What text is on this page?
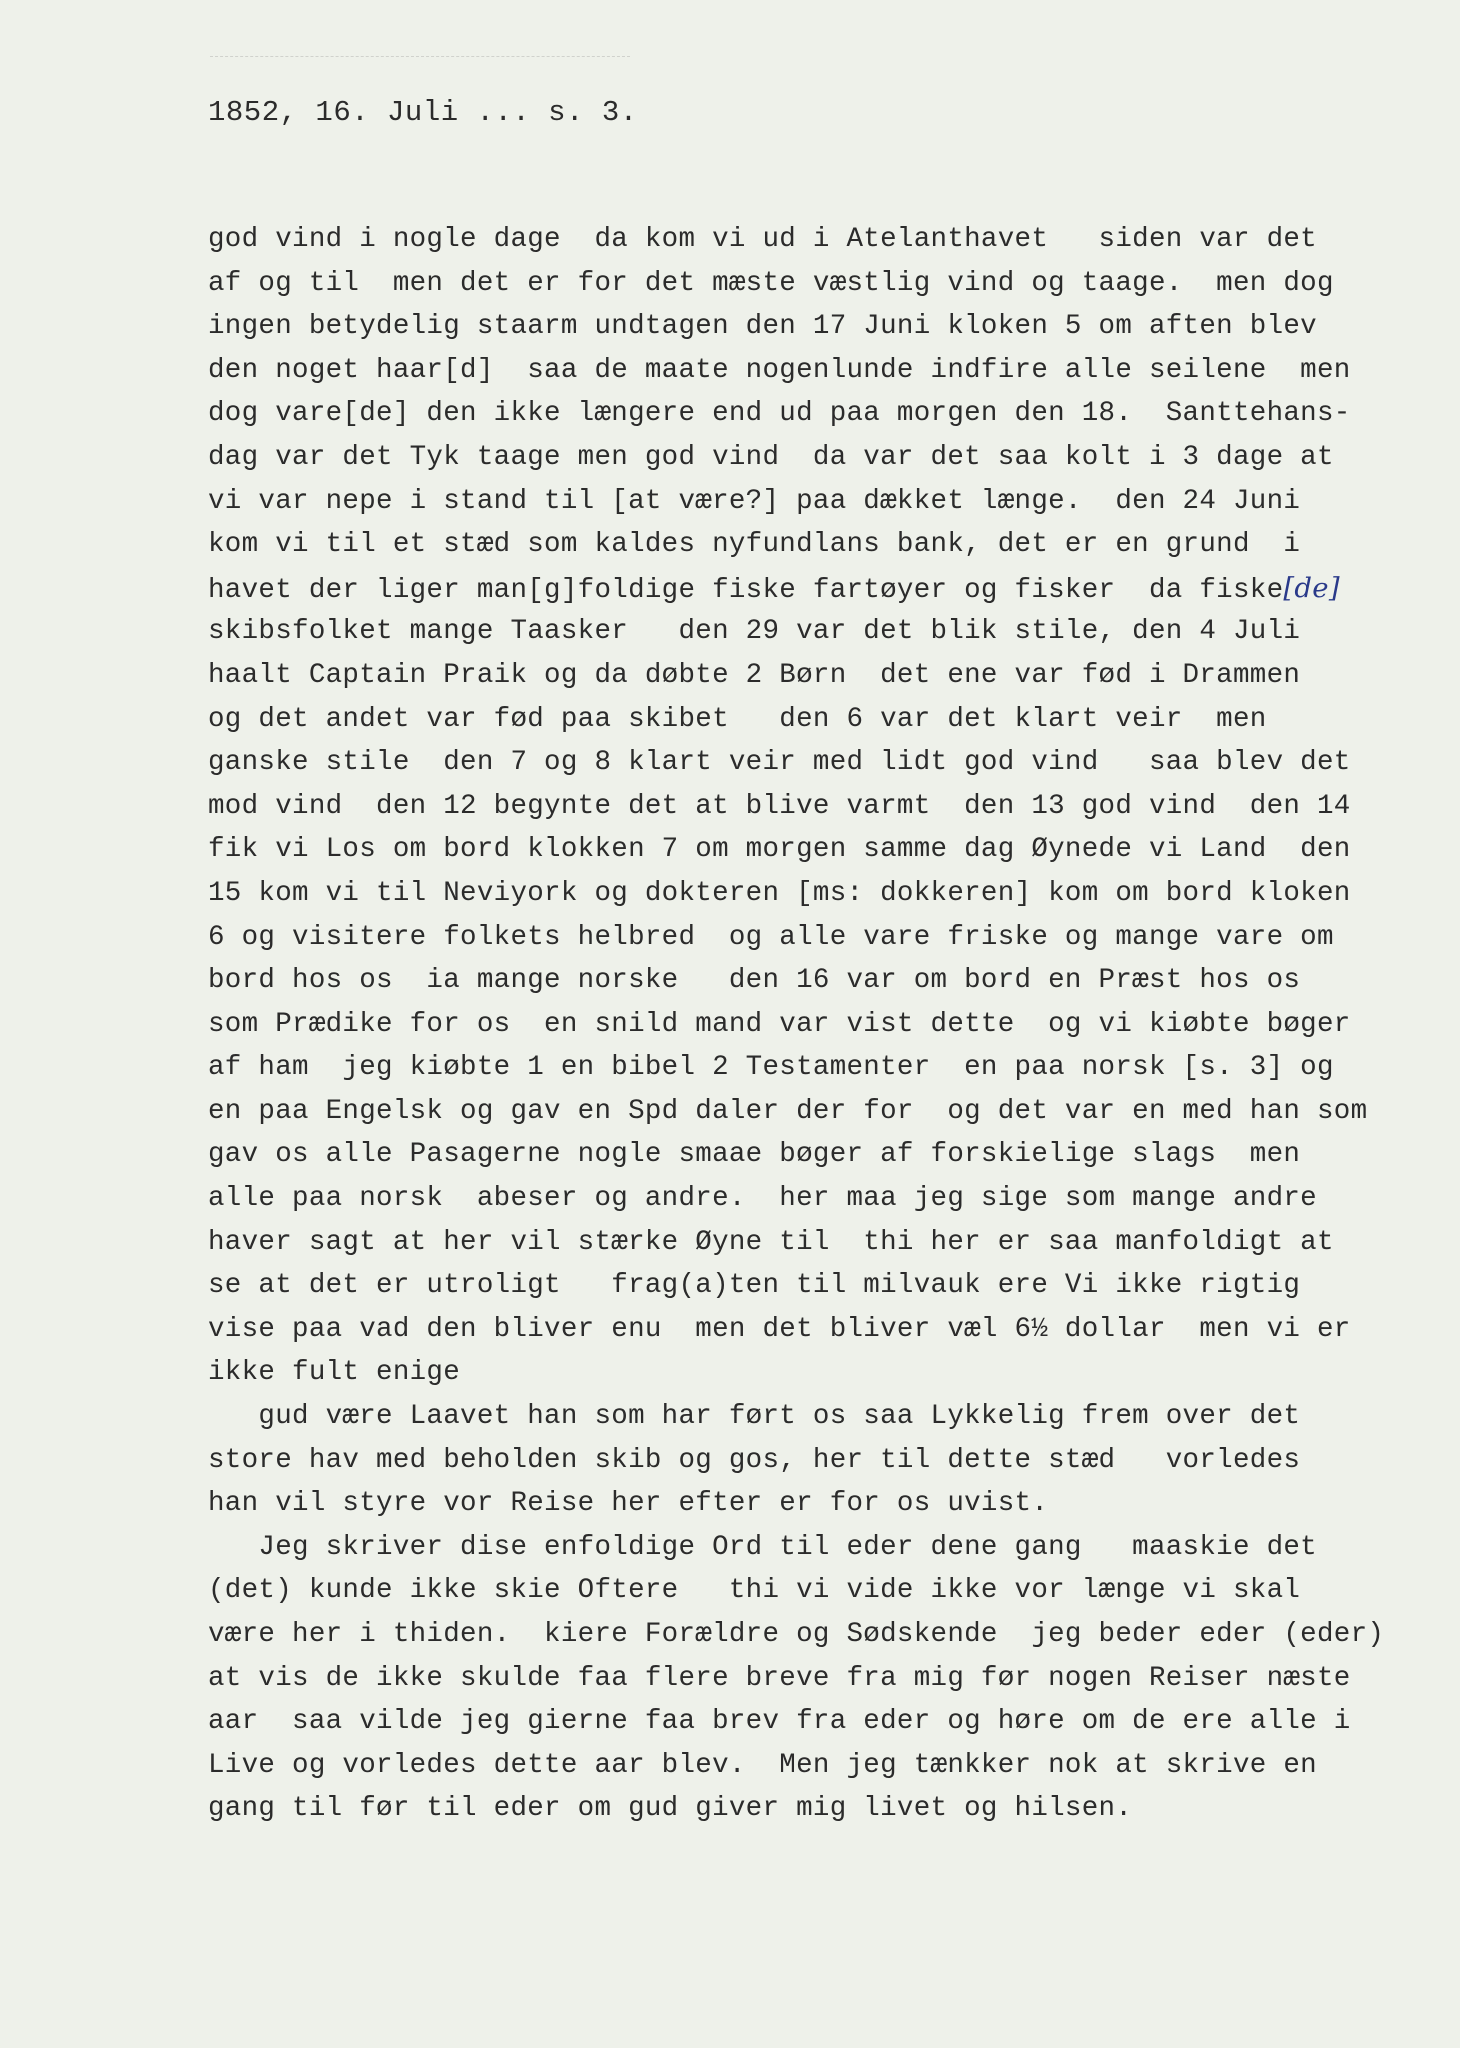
1852, 16. Juli ... s. 3.
god vind i nogle dage  da kom vi ud i Atelanthavet   siden var det
af og til  men det er for det mæste væstlig vind og taage.  men dog
ingen betydelig staarm undtagen den 17 Juni kloken 5 om aften blev
den noget haar[d]  saa de maate nogenlunde indfire alle seilene  men
dog vare[de] den ikke længere end ud paa morgen den 18.  Santtehans-
dag var det Tyk taage men god vind  da var det saa kolt i 3 dage at
vi var nepe i stand til [at være?] paa dækket længe.  den 24 Juni
kom vi til et stæd som kaldes nyfundlans bank, det er en grund  i
havet der liger man[g]foldige fiske fartøyer og fisker  da fiske[de]
skibsfolket mange Taasker   den 29 var det blik stile, den 4 Juli
haalt Captain Praik og da døbte 2 Børn  det ene var fød i Drammen
og det andet var fød paa skibet   den 6 var det klart veir  men
ganske stile  den 7 og 8 klart veir med lidt god vind   saa blev det
mod vind  den 12 begynte det at blive varmt  den 13 god vind  den 14
fik vi Los om bord klokken 7 om morgen samme dag Øynede vi Land  den
15 kom vi til Neviyork og dokteren [ms: dokkeren] kom om bord kloken
6 og visitere folkets helbred  og alle vare friske og mange vare om
bord hos os  ia mange norske   den 16 var om bord en Præst hos os
som Prædike for os  en snild mand var vist dette  og vi kiøbte bøger
af ham  jeg kiøbte 1 en bibel 2 Testamenter  en paa norsk [s. 3] og
en paa Engelsk og gav en Spd daler der for  og det var en med han som
gav os alle Pasagerne nogle smaae bøger af forskielige slags  men
alle paa norsk  abeser og andre.  her maa jeg sige som mange andre
haver sagt at her vil stærke Øyne til  thi her er saa manfoldigt at
se at det er utroligt   frag(a)ten til milvauk ere Vi ikke rigtig
vise paa vad den bliver enu  men det bliver væl 6½ dollar  men vi er
ikke fult enige
gud være Laavet han som har ført os saa Lykkelig frem over det
store hav med beholden skib og gos, her til dette stæd   vorledes
han vil styre vor Reise her efter er for os uvist.
Jeg skriver dise enfoldige Ord til eder dene gang   maaskie det
(det) kunde ikke skie Oftere   thi vi vide ikke vor længe vi skal
være her i thiden.  kiere Forældre og Sødskende  jeg beder eder (eder)
at vis de ikke skulde faa flere breve fra mig før nogen Reiser næste
aar  saa vilde jeg gierne faa brev fra eder og høre om de ere alle i
Live og vorledes dette aar blev.  Men jeg tænkker nok at skrive en
gang til før til eder om gud giver mig livet og hilsen.
